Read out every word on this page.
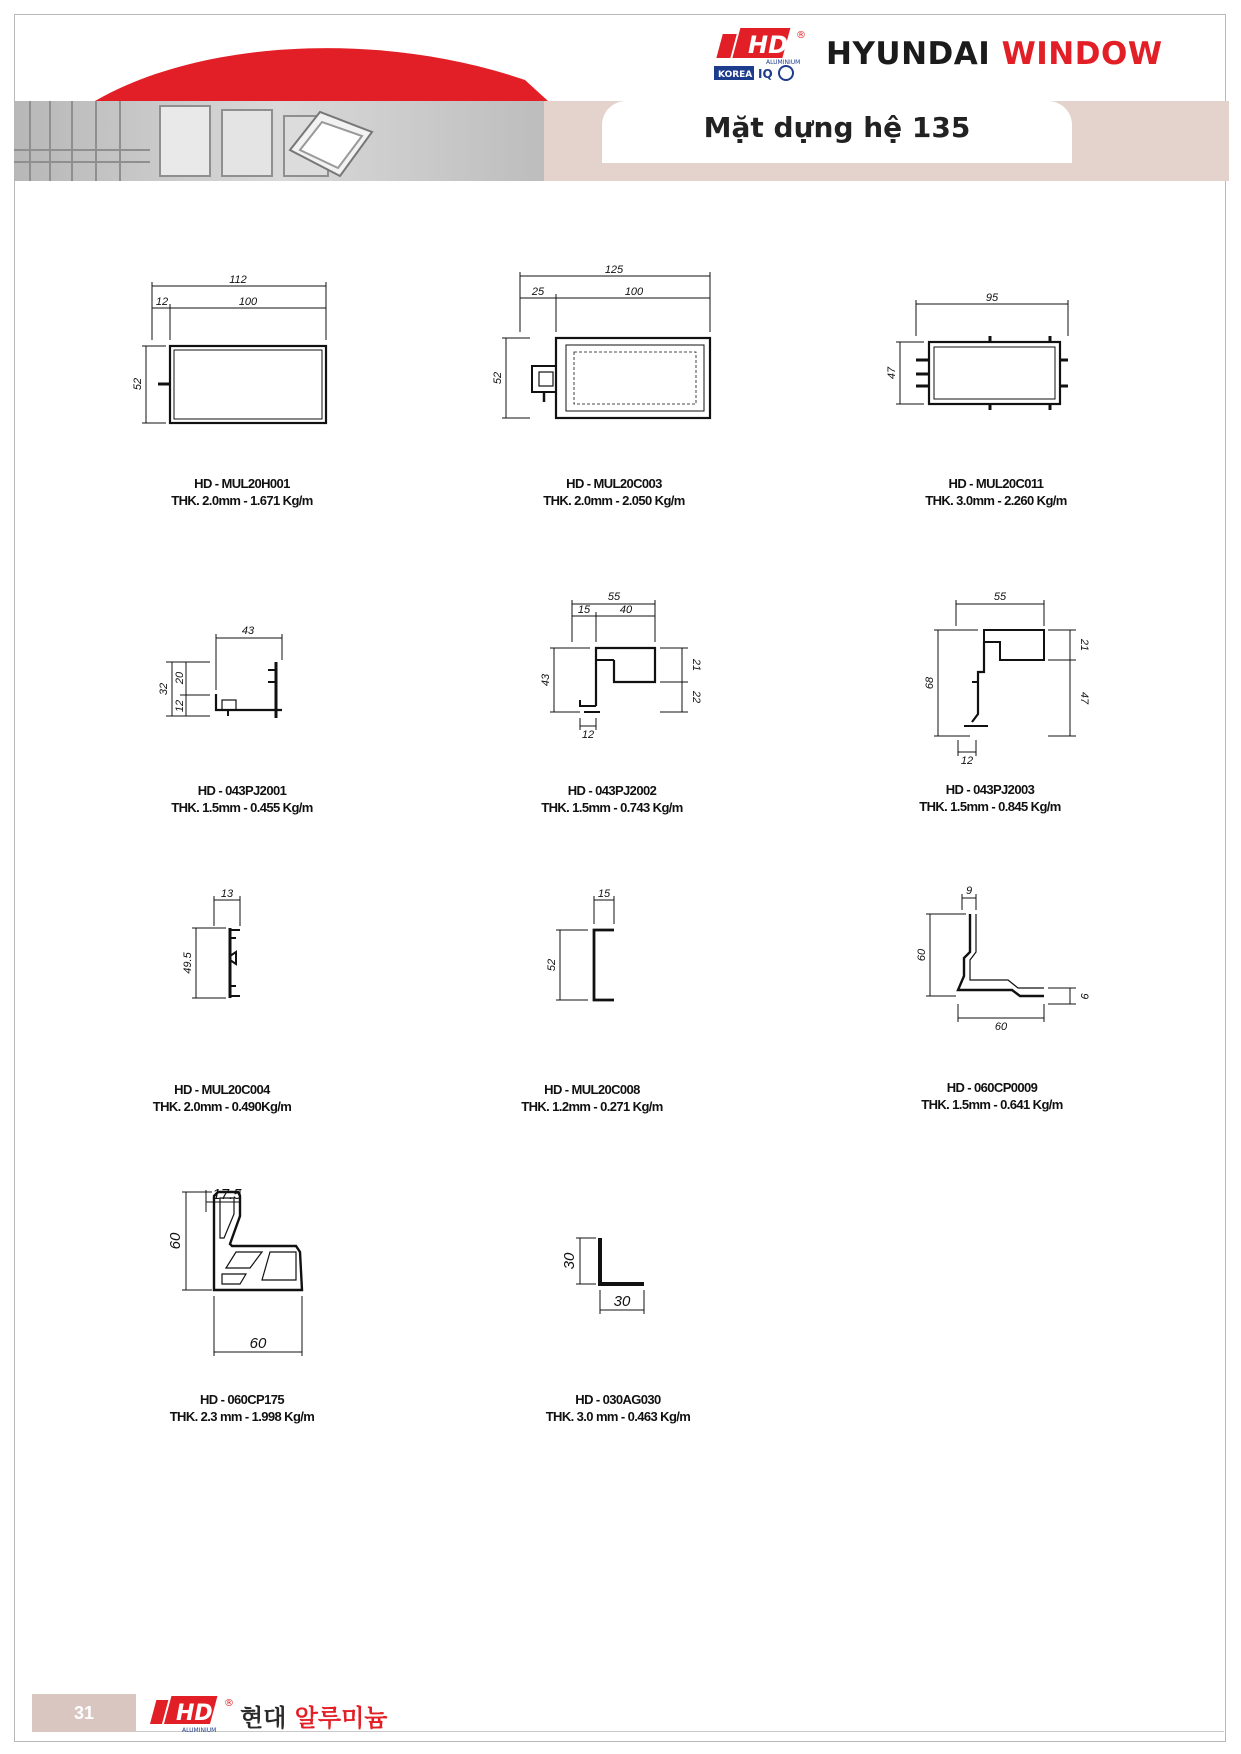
HD
ALUMINIUM
®
KOREA IQ
HYUNDAI WINDOW
Mặt dựng hệ 135
112
12	100
52
125
25	100
52
95
47
43
32
20
12
55
15	40
43
21
22
12
55
68
21
47
12
13
49.5
15
52
9
60
9
60
17.5
60
60
30
30
HD - MUL20H001
THK. 2.0mm - 1.671 Kg/m
HD - MUL20C003
THK. 2.0mm - 2.050 Kg/m
HD - MUL20C011
THK. 3.0mm - 2.260 Kg/m
HD - 043PJ2001
THK. 1.5mm - 0.455 Kg/m
HD - 043PJ2002
THK. 1.5mm - 0.743 Kg/m
HD - 043PJ2003
THK. 1.5mm - 0.845 Kg/m
HD - MUL20C004
THK. 2.0mm - 0.490Kg/m
HD - MUL20C008
THK. 1.2mm - 0.271 Kg/m
HD - 060CP0009
THK. 1.5mm - 0.641 Kg/m
HD - 060CP175
THK. 2.3 mm - 1.998 Kg/m
HD - 030AG030
THK. 3.0 mm - 0.463 Kg/m
31	HD
ALUMINIUM
®
현대 알루미늄
